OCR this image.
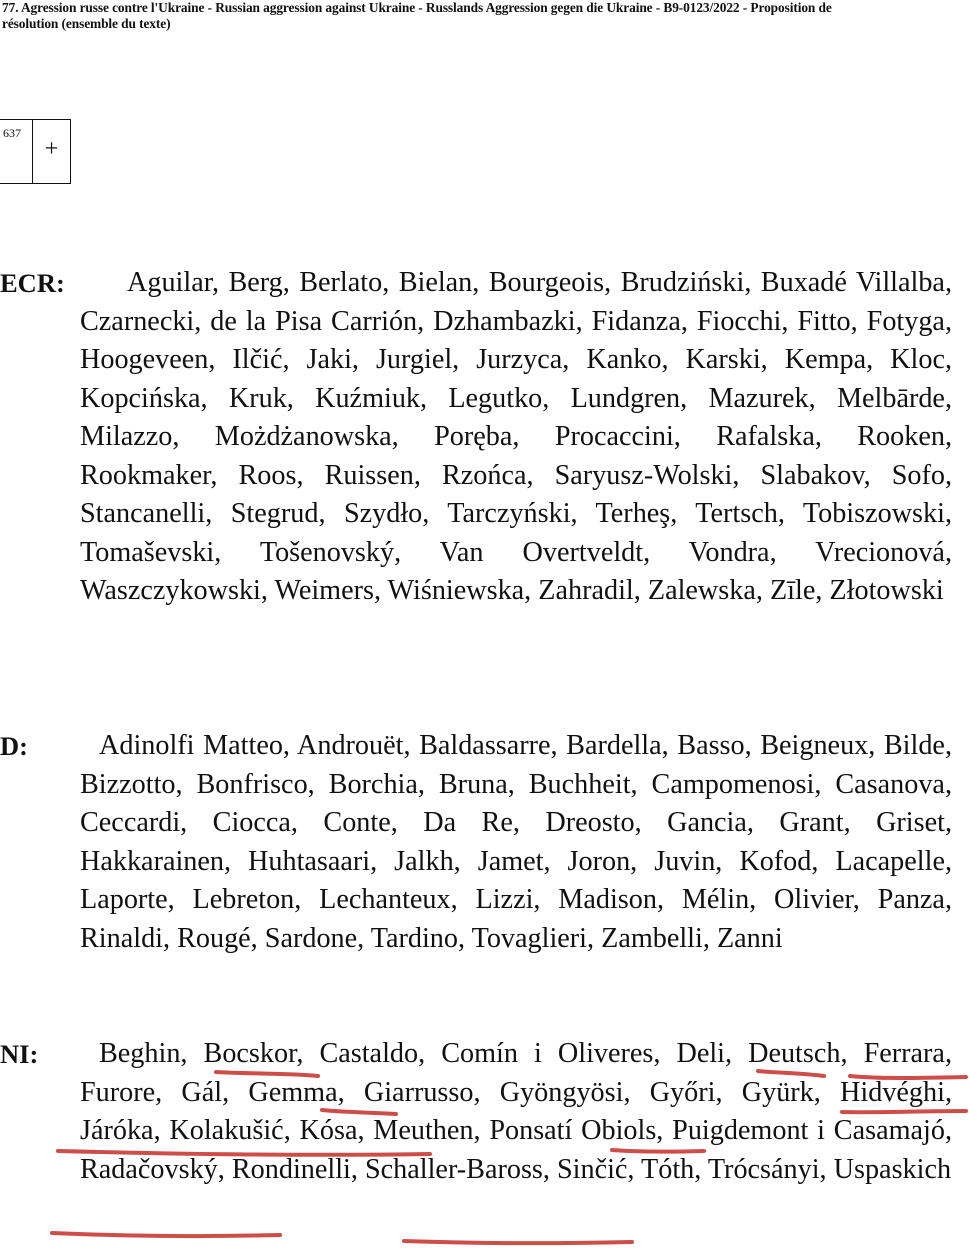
77. Agression russe contre l'Ukraine - Russian aggression against Ukraine - Russlands Aggression gegen die Ukraine - B9-0123/2022 - Proposition de
résolution (ensemble du texte)
637
+
ECR:	Aguilar, Berg, Berlato, Bielan, Bourgeois, Brudziński, Buxadé Villalba, Czarnecki, de la Pisa Carrión, Dzhambazki, Fidanza, Fiocchi, Fitto, Fotyga, Hoogeveen, Ilčić, Jaki, Jurgiel, Jurzyca, Kanko, Karski, Kempa, Kloc, Kopcińska, Kruk, Kuźmiuk, Legutko, Lundgren, Mazurek, Melbārde, Milazzo, Możdżanowska, Poręba, Procaccini, Rafalska, Rooken, Rookmaker, Roos, Ruissen, Rzońca, Saryusz-Wolski, Slabakov, Sofo, Stancanelli, Stegrud, Szydło, Tarczyński, Terheş, Tertsch, Tobiszowski, Tomaševski, Tošenovský, Van Overtveldt, Vondra, Vrecionová, Waszczykowski, Weimers, Wiśniewska, Zahradil, Zalewska, Zīle, Złotowski
D:	Adinolfi Matteo, Androuët, Baldassarre, Bardella, Basso, Beigneux, Bilde, Bizzotto, Bonfrisco, Borchia, Bruna, Buchheit, Campomenosi, Casanova, Ceccardi, Ciocca, Conte, Da Re, Dreosto, Gancia, Grant, Griset, Hakkarainen, Huhtasaari, Jalkh, Jamet, Joron, Juvin, Kofod, Lacapelle, Laporte, Lebreton, Lechanteux, Lizzi, Madison, Mélin, Olivier, Panza, Rinaldi, Rougé, Sardone, Tardino, Tovaglieri, Zambelli, Zanni
NI:	Beghin, Bocskor, Castaldo, Comín i Oliveres, Deli, Deutsch, Ferrara, Furore, Gál, Gemma, Giarrusso, Gyöngyösi, Győri, Gyürk, Hidvéghi, Járóka, Kolakušić, Kósa, Meuthen, Ponsatí Obiols, Puigdemont i Casamajó, Radačovský, Rondinelli, Schaller-Baross, Sinčić, Tóth, Trócsányi, Uspaskich
